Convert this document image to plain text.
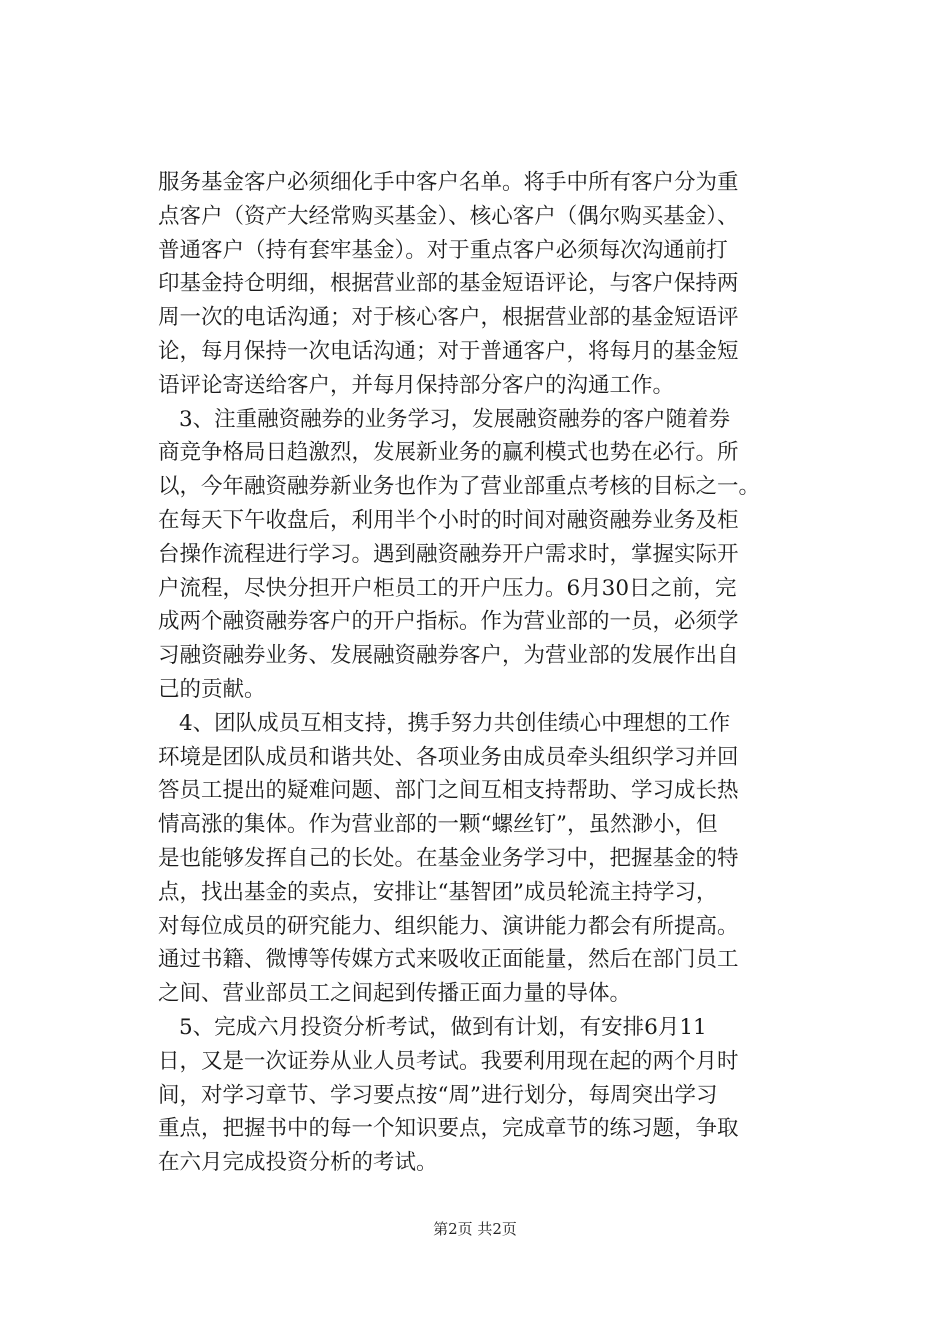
服务基金客户必须细化手中客户名单。将手中所有客户分为重
点客户（资产大经常购买基金）、核心客户（偶尔购买基金）、
普通客户（持有套牢基金）。对于重点客户必须每次沟通前打
印基金持仓明细，根据营业部的基金短语评论，与客户保持两
周一次的电话沟通；对于核心客户，根据营业部的基金短语评
论，每月保持一次电话沟通；对于普通客户，将每月的基金短
语评论寄送给客户，并每月保持部分客户的沟通工作。
3、注重融资融券的业务学习，发展融资融券的客户随着券
商竞争格局日趋激烈，发展新业务的赢利模式也势在必行。所
以，今年融资融券新业务也作为了营业部重点考核的目标之一。
在每天下午收盘后，利用半个小时的时间对融资融券业务及柜
台操作流程进行学习。遇到融资融券开户需求时，掌握实际开
户流程，尽快分担开户柜员工的开户压力。6月30日之前，完
成两个融资融券客户的开户指标。作为营业部的一员，必须学
习融资融券业务、发展融资融券客户，为营业部的发展作出自
己的贡献。
4、团队成员互相支持，携手努力共创佳绩心中理想的工作
环境是团队成员和谐共处、各项业务由成员牵头组织学习并回
答员工提出的疑难问题、部门之间互相支持帮助、学习成长热
情高涨的集体。作为营业部的一颗“螺丝钉”，虽然渺小，但
是也能够发挥自己的长处。在基金业务学习中，把握基金的特
点，找出基金的卖点，安排让“基智团”成员轮流主持学习，
对每位成员的研究能力、组织能力、演讲能力都会有所提高。
通过书籍、微博等传媒方式来吸收正面能量，然后在部门员工
之间、营业部员工之间起到传播正面力量的导体。
5、完成六月投资分析考试，做到有计划，有安排6月11
日，又是一次证券从业人员考试。我要利用现在起的两个月时
间，对学习章节、学习要点按“周”进行划分，每周突出学习
重点，把握书中的每一个知识要点，完成章节的练习题，争取
在六月完成投资分析的考试。
第2页 共2页
